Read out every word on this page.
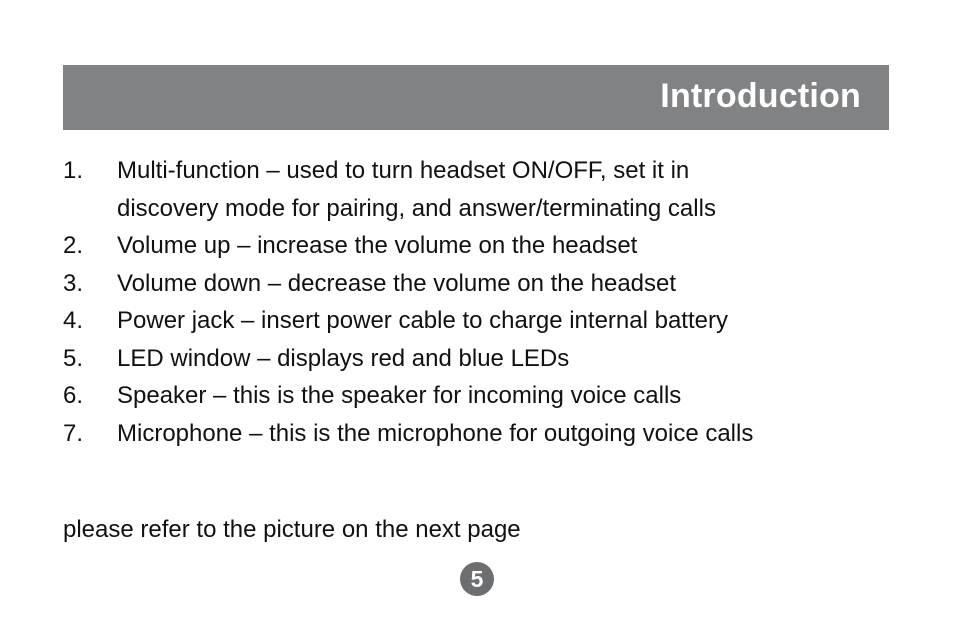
Introduction
1.	Multi-function – used to turn headset ON/OFF, set it in
discovery mode for pairing, and answer/terminating calls
2.	Volume up – increase the volume on the headset
3.	Volume down – decrease the volume on the headset
4.	Power jack – insert power cable to charge internal battery
5.	LED window – displays red and blue LEDs
6.	Speaker – this is the speaker for incoming voice calls
7.	Microphone – this is the microphone for outgoing voice calls
please refer to the picture on the next page
5
